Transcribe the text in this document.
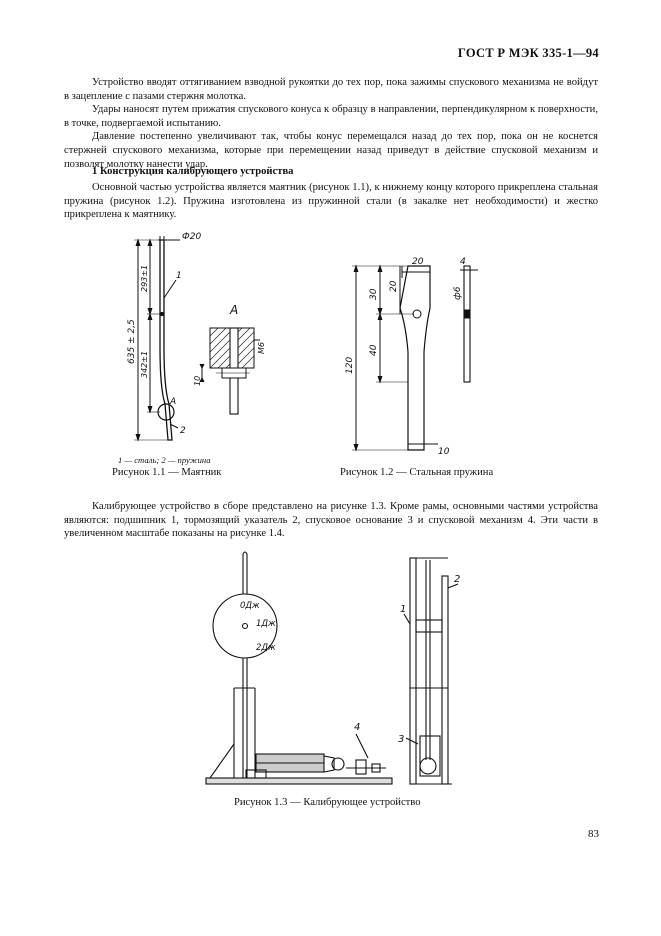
ГОСТ Р МЭК 335-1—94

Устройство вводят оттягиванием взводной рукоятки до тех пор, пока зажимы спускового механизма не войдут в зацепление с пазами стержня молотка.

Удары наносят путем прижатия спускового конуса к образцу в направлении, перпендикулярном к поверхности, в точке, подвергаемой испытанию.

Давление постепенно увеличивают так, чтобы конус перемещался назад до тех пор, пока он не коснется стержней спускового механизма, которые при перемещении назад приведут в действие спусковой механизм и позволят молотку нанести удар.

1 Конструкция калибрующего устройства

Основной частью устройства является маятник (рисунок 1.1), к нижнему концу которого прикреплена стальная пружина (рисунок 1.2). Пружина изготовлена из пружинной стали (в закалке нет необходимости) и жестко прикреплена к маятнику.

Ф20
1
2
A
A
635 ± 2,5
293±1
342±1
M6
10
1 — сталь; 2 — пружина
Рисунок 1.1 — Маятник
20	4
30
20
40
120
ф6
10
Рисунок 1.2 — Стальная пружина

Калибрующее устройство в сборе представлено на рисунке 1.3. Кроме рамы, основными частями устройства являются: подшипник 1, тормозящий указатель 2, спусковое основание 3 и спусковой механизм 4. Эти части в увеличенном масштабе показаны на рисунке 1.4.

0Дж
1Дж
2Дж
4
1
2
3
Рисунок 1.3 — Калибрующее устройство
83
